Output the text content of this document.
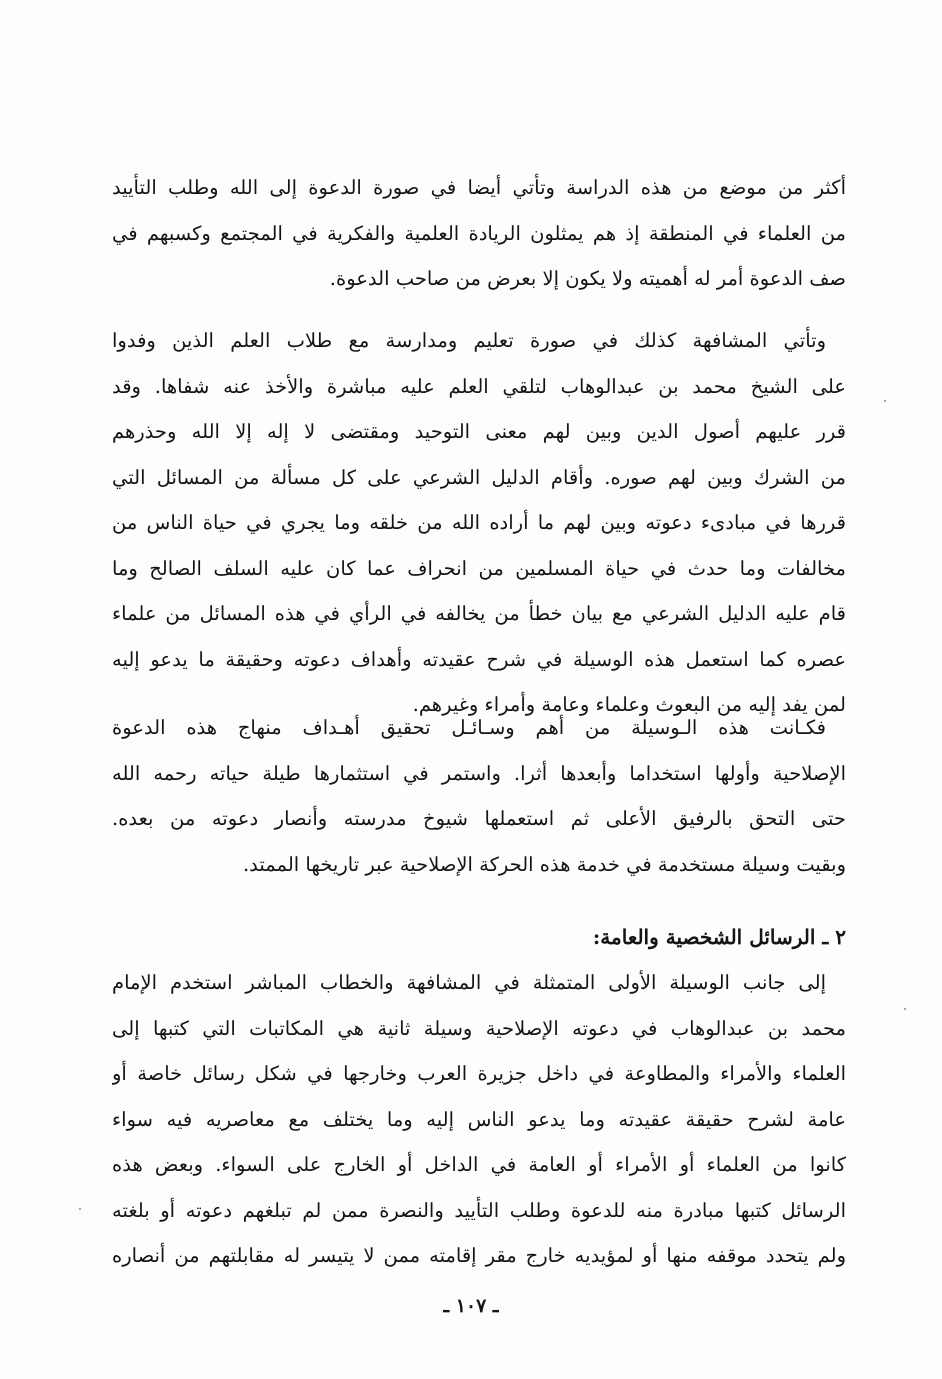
أكثر من موضع من هذه الدراسة وتأتي أيضا في صورة الدعوة إلى الله وطلب التأييد
من العلماء في المنطقة إذ هم يمثلون الريادة العلمية والفكرية في المجتمع وكسبهم في
صف الدعوة أمر له أهميته ولا يكون إلا بعرض من صاحب الدعوة.
وتأتي المشافهة كذلك في صورة تعليم ومدارسة مع طلاب العلم الذين وفدوا
على الشيخ محمد بن عبدالوهاب لتلقي العلم عليه مباشرة والأخذ عنه شفاها. وقد
قرر عليهم أصول الدين وبين لهم معنى التوحيد ومقتضى لا إله إلا الله وحذرهم
من الشرك وبين لهم صوره. وأقام الدليل الشرعي على كل مسألة من المسائل التي
قررها في مبادىء دعوته وبين لهم ما أراده الله من خلقه وما يجري في حياة الناس من
مخالفات وما حدث في حياة المسلمين من انحراف عما كان عليه السلف الصالح وما
قام عليه الدليل الشرعي مع بيان خطأ من يخالفه في الرأي في هذه المسائل من علماء
عصره كما استعمل هذه الوسيلة في شرح عقيدته وأهداف دعوته وحقيقة ما يدعو إليه
لمن يفد إليه من البعوث وعلماء وعامة وأمراء وغيرهم.
فكـانت هذه الـوسيلة من أهم وسـائـل تحقيق أهـداف منهاج هذه الدعوة
الإصلاحية وأولها استخداما وأبعدها أثرا. واستمر في استثمارها طيلة حياته رحمه الله
حتى التحق بالرفيق الأعلى ثم استعملها شيوخ مدرسته وأنصار دعوته من بعده.
وبقيت وسيلة مستخدمة في خدمة هذه الحركة الإصلاحية عبر تاريخها الممتد.
٢ ـ الرسائل الشخصية والعامة:
إلى جانب الوسيلة الأولى المتمثلة في المشافهة والخطاب المباشر استخدم الإمام
محمد بن عبدالوهاب في دعوته الإصلاحية وسيلة ثانية هي المكاتبات التي كتبها إلى
العلماء والأمراء والمطاوعة في داخل جزيرة العرب وخارجها في شكل رسائل خاصة أو
عامة لشرح حقيقة عقيدته وما يدعو الناس إليه وما يختلف مع معاصريه فيه سواء
كانوا من العلماء أو الأمراء أو العامة في الداخل أو الخارج على السواء. وبعض هذه
الرسائل كتبها مبادرة منه للدعوة وطلب التأييد والنصرة ممن لم تبلغهم دعوته أو بلغته
ولم يتحدد موقفه منها أو لمؤيديه خارج مقر إقامته ممن لا يتيسر له مقابلتهم من أنصاره
ـ ١٠٧ ـ
